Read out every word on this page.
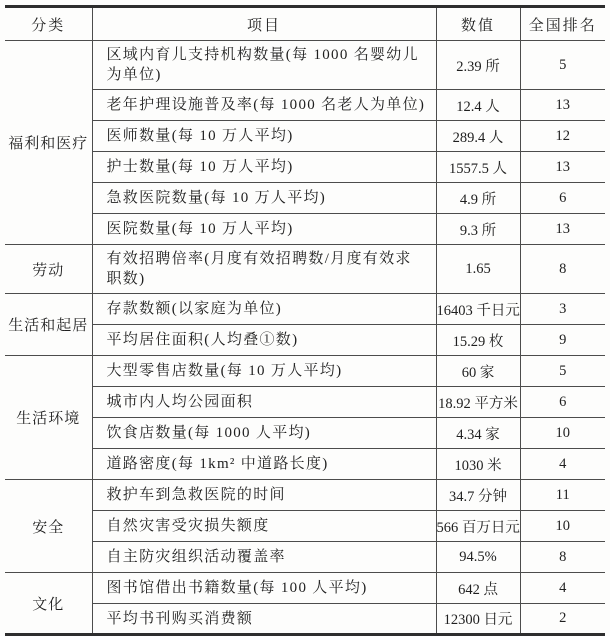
分类	项目	数值	全国排名
福利和医疗	区域内育儿支持机构数量(每 1000 名婴幼儿为单位)	2.39 所	5
	老年护理设施普及率(每 1000 名老人为单位)	12.4 人	13
	医师数量(每 10 万人平均)	289.4 人	12
	护士数量(每 10 万人平均)	1557.5 人	13
	急救医院数量(每 10 万人平均)	4.9 所	6
	医院数量(每 10 万人平均)	9.3 所	13
劳动	有效招聘倍率(月度有效招聘数/月度有效求职数)	1.65	8
生活和起居	存款数额(以家庭为单位)	16403 千日元	3
	平均居住面积(人均叠①数)	15.29 枚	9
生活环境	大型零售店数量(每 10 万人平均)	60 家	5
	城市内人均公园面积	18.92 平方米	6
	饮食店数量(每 1000 人平均)	4.34 家	10
	道路密度(每 1km² 中道路长度)	1030 米	4
安全	救护车到急救医院的时间	34.7 分钟	11
	自然灾害受灾损失额度	566 百万日元	10
	自主防灾组织活动覆盖率	94.5%	8
文化	图书馆借出书籍数量(每 100 人平均)	642 点	4
	平均书刊购买消费额	12300 日元	2
